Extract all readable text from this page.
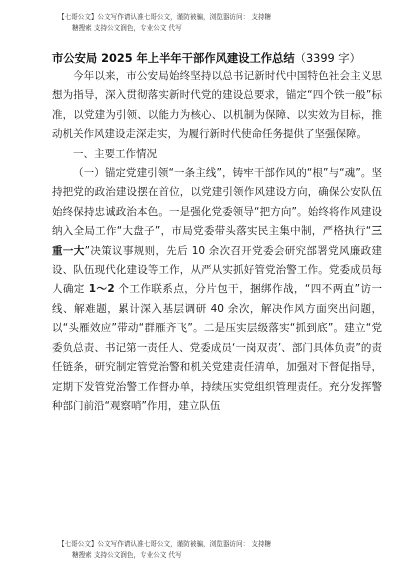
【七哥公文】公文写作请认准七哥公文，谨防被骗，浏览器访问： 支持糖
糖搜索 支持公文润色，专业公文 代写
市公安局 2025 年上半年干部作风建设工作总结（3399 字）

今年以来，市公安局始终坚持以总书记新时代中国特色社会主义思想为指导，深入贯彻落实新时代党的建设总要求，锚定“四个铁一般”标准，以党建为引领、以能力为核心、以机制为保障、以实效为目标，推动机关作风建设走深走实，为履行新时代使命任务提供了坚强保障。

一、主要工作情况

（一）锚定党建引领“一条主线”，铸牢干部作风的“根”与“魂”。坚持把党的政治建设摆在首位，以党建引领作风建设方向，确保公安队伍始终保持忠诚政治本色。一是强化党委领导“把方向”。始终将作风建设纳入全局工作“大盘子”，市局党委带头落实民主集中制，严格执行“三重一大”决策议事规则，先后 10 余次召开党委会研究部署党风廉政建设、队伍现代化建设等工作，从严从实抓好管党治警工作。党委成员每人确定 1～2 个工作联系点，分片包干，捆绑作战，“四不两直”访一线、解难题，累计深入基层调研 40 余次，解决作风方面突出问题，以“头雁效应”带动“群雁齐飞”。二是压实层级落实“抓到底”。建立“党委负总责、书记第一责任人、党委成员‘一岗双责’、部门具体负责”的责任链条，研究制定管党治警和机关党建责任清单，加强对下督促指导，定期下发管党治警工作督办单，持续压实党组织管理责任。充分发挥警种部门前沿“观察哨”作用，建立队伍

【七哥公文】公文写作请认准七哥公文，谨防被骗，浏览器访问： 支持糖
糖搜索 支持公文润色，专业公文 代写
